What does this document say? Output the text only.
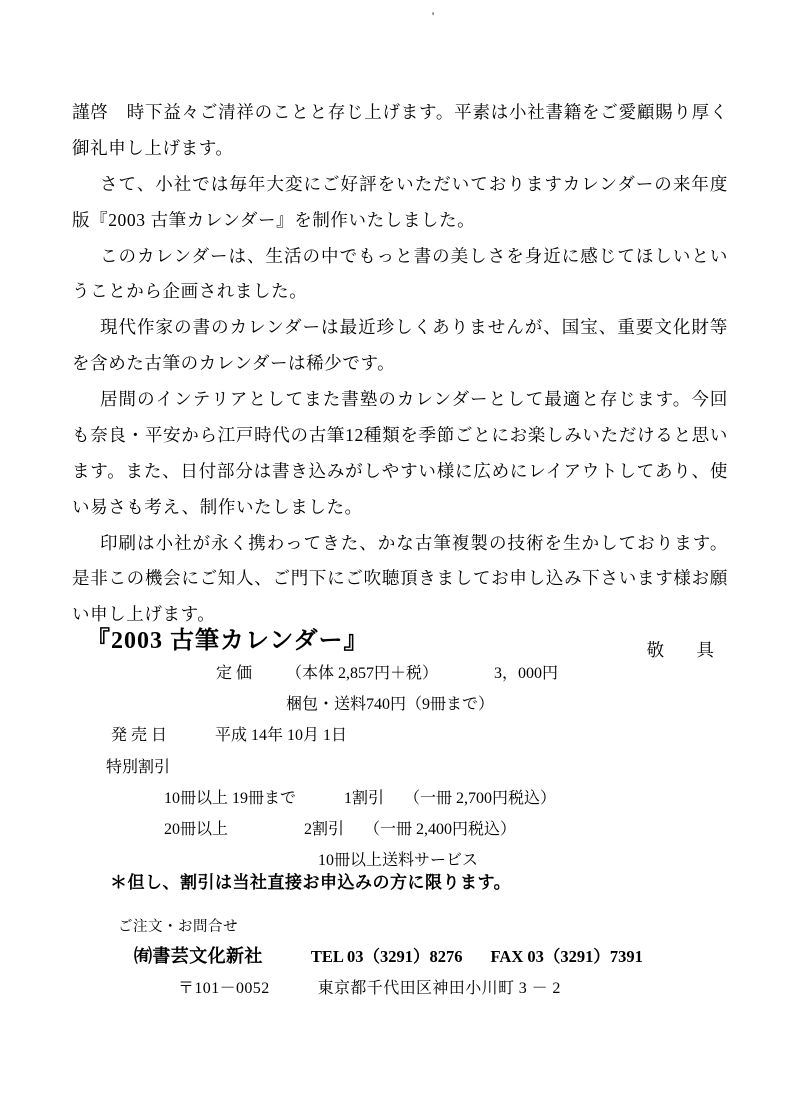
'

謹啓　時下益々ご清祥のことと存じ上げます。平素は小社書籍をご愛顧賜り厚く御礼申し上げます。

さて、小社では毎年大変にご好評をいただいておりますカレンダーの来年度版『2003 古筆カレンダー』を制作いたしました。

このカレンダーは、生活の中でもっと書の美しさを身近に感じてほしいということから企画されました。

現代作家の書のカレンダーは最近珍しくありませんが、国宝、重要文化財等を含めた古筆のカレンダーは稀少です。

居間のインテリアとしてまた書塾のカレンダーとして最適と存じます。今回も奈良・平安から江戸時代の古筆12種類を季節ごとにお楽しみいただけると思います。また、日付部分は書き込みがしやすい様に広めにレイアウトしてあり、使い易さも考え、制作いたしました。

印刷は小社が永く携わってきた、かな古筆複製の技術を生かしております。是非この機会にご知人、ご門下にご吹聴頂きましてお申し込み下さいます様お願い申し上げます。

敬 具

『2003 古筆カレンダー』
定 価 （本体 2,857円＋税）	3，000円
梱包・送料740円（9冊まで）
発 売 日	平成 14年 10月 1日
特別割引
10冊以上 19冊まで	1割引 （一冊 2,700円税込）
20冊以上	2割引 （一冊 2,400円税込）
10冊以上送料サービス
＊但し、割引は当社直接お申込みの方に限ります。
ご注文・お問合せ
㈲書芸文化新社	TEL 03（3291）8276 FAX 03（3291）7391
〒101－0052	東京都千代田区神田小川町 3 － 2
